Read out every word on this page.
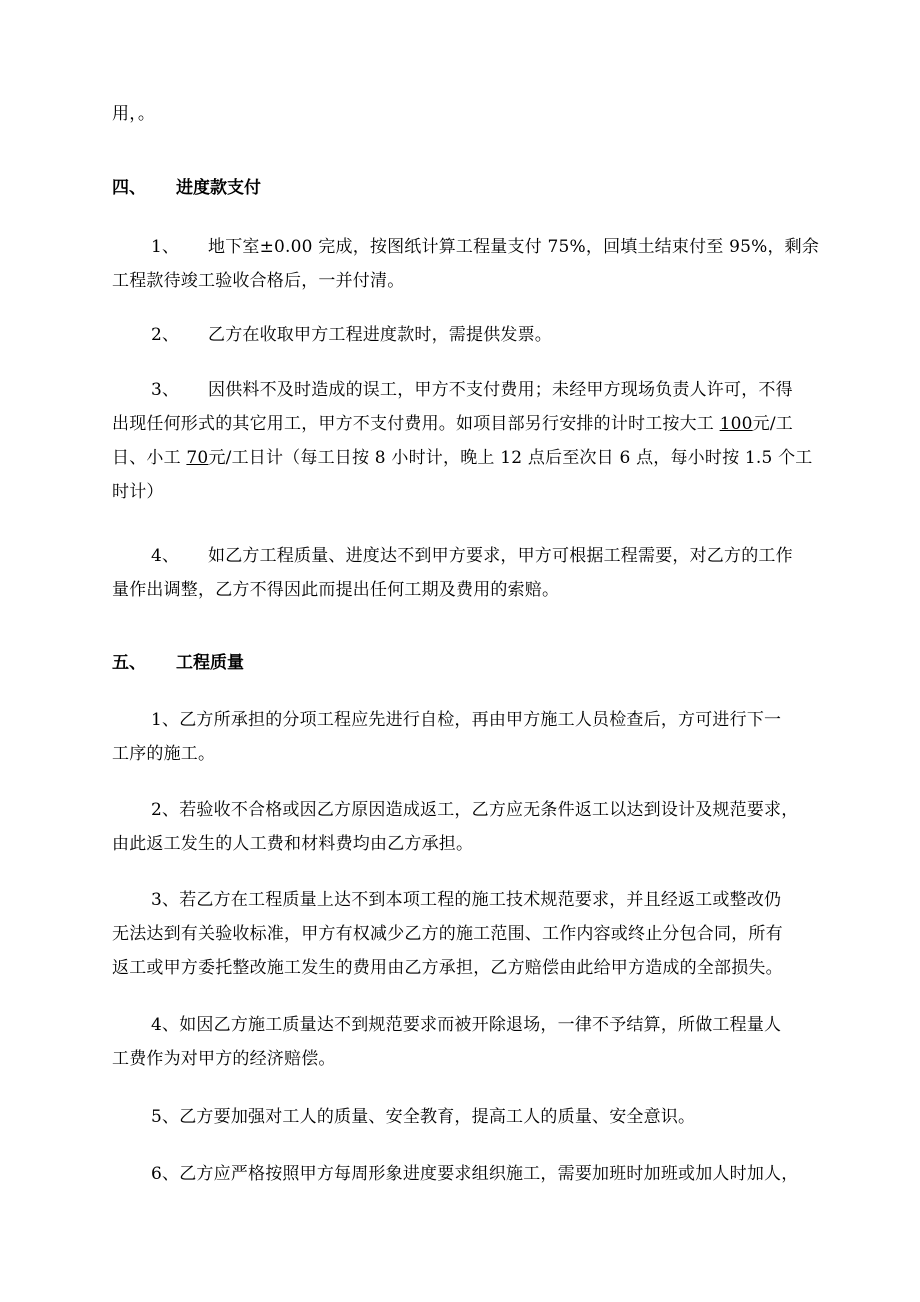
用，。
四、 进度款支付
1、 地下室±0.00 完成，按图纸计算工程量支付 75%，回填土结束付至 95%，剩余
工程款待竣工验收合格后，一并付清。
2、 乙方在收取甲方工程进度款时，需提供发票。
3、 因供料不及时造成的误工，甲方不支付费用；未经甲方现场负责人许可，不得
出现任何形式的其它用工，甲方不支付费用。如项目部另行安排的计时工按大工 100元/工
日、小工 70元/工日计（每工日按 8 小时计，晚上 12 点后至次日 6 点，每小时按 1.5 个工
时计）
4、 如乙方工程质量、进度达不到甲方要求，甲方可根据工程需要，对乙方的工作
量作出调整，乙方不得因此而提出任何工期及费用的索赔。
五、 工程质量
1、乙方所承担的分项工程应先进行自检，再由甲方施工人员检查后，方可进行下一
工序的施工。
2、若验收不合格或因乙方原因造成返工，乙方应无条件返工以达到设计及规范要求，
由此返工发生的人工费和材料费均由乙方承担。
3、若乙方在工程质量上达不到本项工程的施工技术规范要求，并且经返工或整改仍
无法达到有关验收标准，甲方有权减少乙方的施工范围、工作内容或终止分包合同，所有
返工或甲方委托整改施工发生的费用由乙方承担，乙方赔偿由此给甲方造成的全部损失。
4、如因乙方施工质量达不到规范要求而被开除退场，一律不予结算，所做工程量人
工费作为对甲方的经济赔偿。
5、乙方要加强对工人的质量、安全教育，提高工人的质量、安全意识。
6、乙方应严格按照甲方每周形象进度要求组织施工，需要加班时加班或加人时加人，
